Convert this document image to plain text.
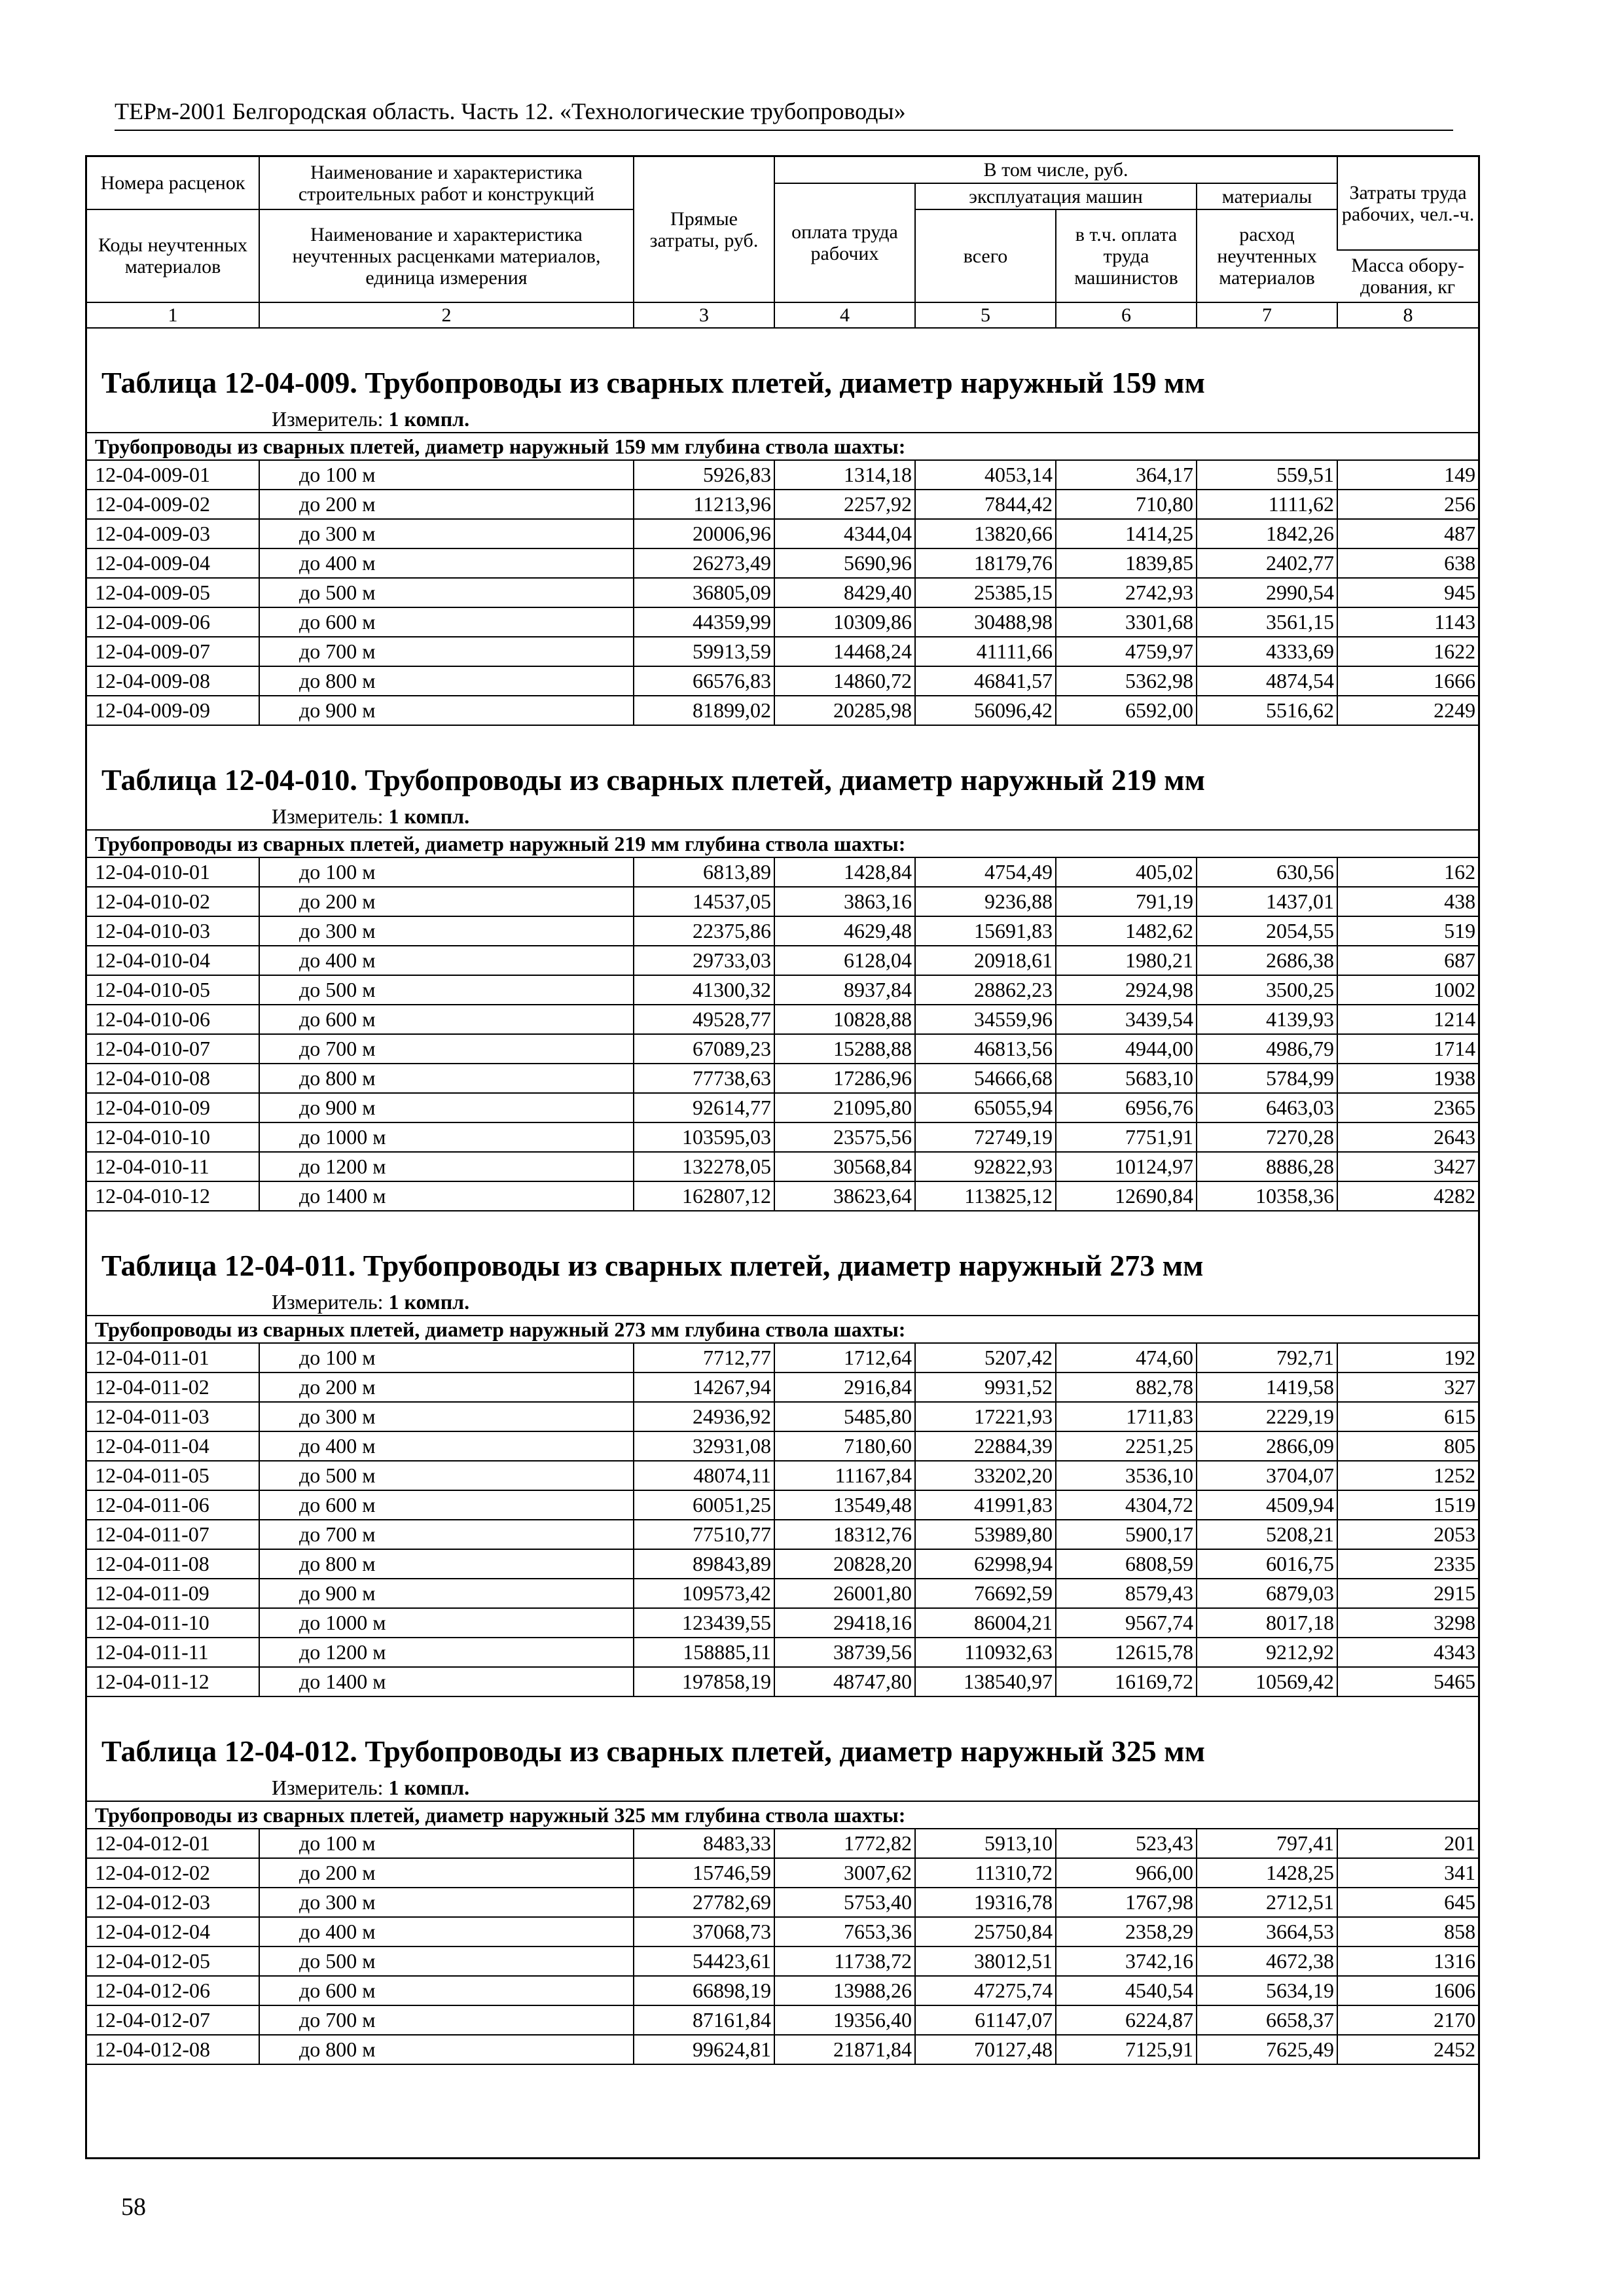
ТЕРм-2001 Белгородская область. Часть 12. «Технологические трубопроводы»
Номера расценок	Наименование и характеристика строительных работ и конструкций	Прямые затраты, руб.	В том числе, руб.				Затраты труда рабочих, чел.-ч.
			оплата труда рабочих	эксплуатация машин		материалы	
Коды неучтенных материалов	Наименование и характеристика неучтенных расценками материалов, единица измерения			всего	в т.ч. оплата труда машинистов	расход неучтенных материалов	
							Масса обору-дования, кг
1	2	3	4	5	6	7	8
Таблица 12-04-009. Трубопроводы из сварных плетей, диаметр наружный 159 мм
Измеритель: 1 компл.
Трубопроводы из сварных плетей, диаметр наружный 159 мм глубина ствола шахты:							
12-04-009-01	до 100 м	5926,83	1314,18	4053,14	364,17	559,51	149
12-04-009-02	до 200 м	11213,96	2257,92	7844,42	710,80	1111,62	256
12-04-009-03	до 300 м	20006,96	4344,04	13820,66	1414,25	1842,26	487
12-04-009-04	до 400 м	26273,49	5690,96	18179,76	1839,85	2402,77	638
12-04-009-05	до 500 м	36805,09	8429,40	25385,15	2742,93	2990,54	945
12-04-009-06	до 600 м	44359,99	10309,86	30488,98	3301,68	3561,15	1143
12-04-009-07	до 700 м	59913,59	14468,24	41111,66	4759,97	4333,69	1622
12-04-009-08	до 800 м	66576,83	14860,72	46841,57	5362,98	4874,54	1666
12-04-009-09	до 900 м	81899,02	20285,98	56096,42	6592,00	5516,62	2249
Таблица 12-04-010. Трубопроводы из сварных плетей, диаметр наружный 219 мм
Измеритель: 1 компл.
Трубопроводы из сварных плетей, диаметр наружный 219 мм глубина ствола шахты:							
12-04-010-01	до 100 м	6813,89	1428,84	4754,49	405,02	630,56	162
12-04-010-02	до 200 м	14537,05	3863,16	9236,88	791,19	1437,01	438
12-04-010-03	до 300 м	22375,86	4629,48	15691,83	1482,62	2054,55	519
12-04-010-04	до 400 м	29733,03	6128,04	20918,61	1980,21	2686,38	687
12-04-010-05	до 500 м	41300,32	8937,84	28862,23	2924,98	3500,25	1002
12-04-010-06	до 600 м	49528,77	10828,88	34559,96	3439,54	4139,93	1214
12-04-010-07	до 700 м	67089,23	15288,88	46813,56	4944,00	4986,79	1714
12-04-010-08	до 800 м	77738,63	17286,96	54666,68	5683,10	5784,99	1938
12-04-010-09	до 900 м	92614,77	21095,80	65055,94	6956,76	6463,03	2365
12-04-010-10	до 1000 м	103595,03	23575,56	72749,19	7751,91	7270,28	2643
12-04-010-11	до 1200 м	132278,05	30568,84	92822,93	10124,97	8886,28	3427
12-04-010-12	до 1400 м	162807,12	38623,64	113825,12	12690,84	10358,36	4282
Таблица 12-04-011. Трубопроводы из сварных плетей, диаметр наружный 273 мм
Измеритель: 1 компл.
Трубопроводы из сварных плетей, диаметр наружный 273 мм глубина ствола шахты:							
12-04-011-01	до 100 м	7712,77	1712,64	5207,42	474,60	792,71	192
12-04-011-02	до 200 м	14267,94	2916,84	9931,52	882,78	1419,58	327
12-04-011-03	до 300 м	24936,92	5485,80	17221,93	1711,83	2229,19	615
12-04-011-04	до 400 м	32931,08	7180,60	22884,39	2251,25	2866,09	805
12-04-011-05	до 500 м	48074,11	11167,84	33202,20	3536,10	3704,07	1252
12-04-011-06	до 600 м	60051,25	13549,48	41991,83	4304,72	4509,94	1519
12-04-011-07	до 700 м	77510,77	18312,76	53989,80	5900,17	5208,21	2053
12-04-011-08	до 800 м	89843,89	20828,20	62998,94	6808,59	6016,75	2335
12-04-011-09	до 900 м	109573,42	26001,80	76692,59	8579,43	6879,03	2915
12-04-011-10	до 1000 м	123439,55	29418,16	86004,21	9567,74	8017,18	3298
12-04-011-11	до 1200 м	158885,11	38739,56	110932,63	12615,78	9212,92	4343
12-04-011-12	до 1400 м	197858,19	48747,80	138540,97	16169,72	10569,42	5465
Таблица 12-04-012. Трубопроводы из сварных плетей, диаметр наружный 325 мм
Измеритель: 1 компл.
Трубопроводы из сварных плетей, диаметр наружный 325 мм глубина ствола шахты:							
12-04-012-01	до 100 м	8483,33	1772,82	5913,10	523,43	797,41	201
12-04-012-02	до 200 м	15746,59	3007,62	11310,72	966,00	1428,25	341
12-04-012-03	до 300 м	27782,69	5753,40	19316,78	1767,98	2712,51	645
12-04-012-04	до 400 м	37068,73	7653,36	25750,84	2358,29	3664,53	858
12-04-012-05	до 500 м	54423,61	11738,72	38012,51	3742,16	4672,38	1316
12-04-012-06	до 600 м	66898,19	13988,26	47275,74	4540,54	5634,19	1606
12-04-012-07	до 700 м	87161,84	19356,40	61147,07	6224,87	6658,37	2170
12-04-012-08	до 800 м	99624,81	21871,84	70127,48	7125,91	7625,49	2452
58
